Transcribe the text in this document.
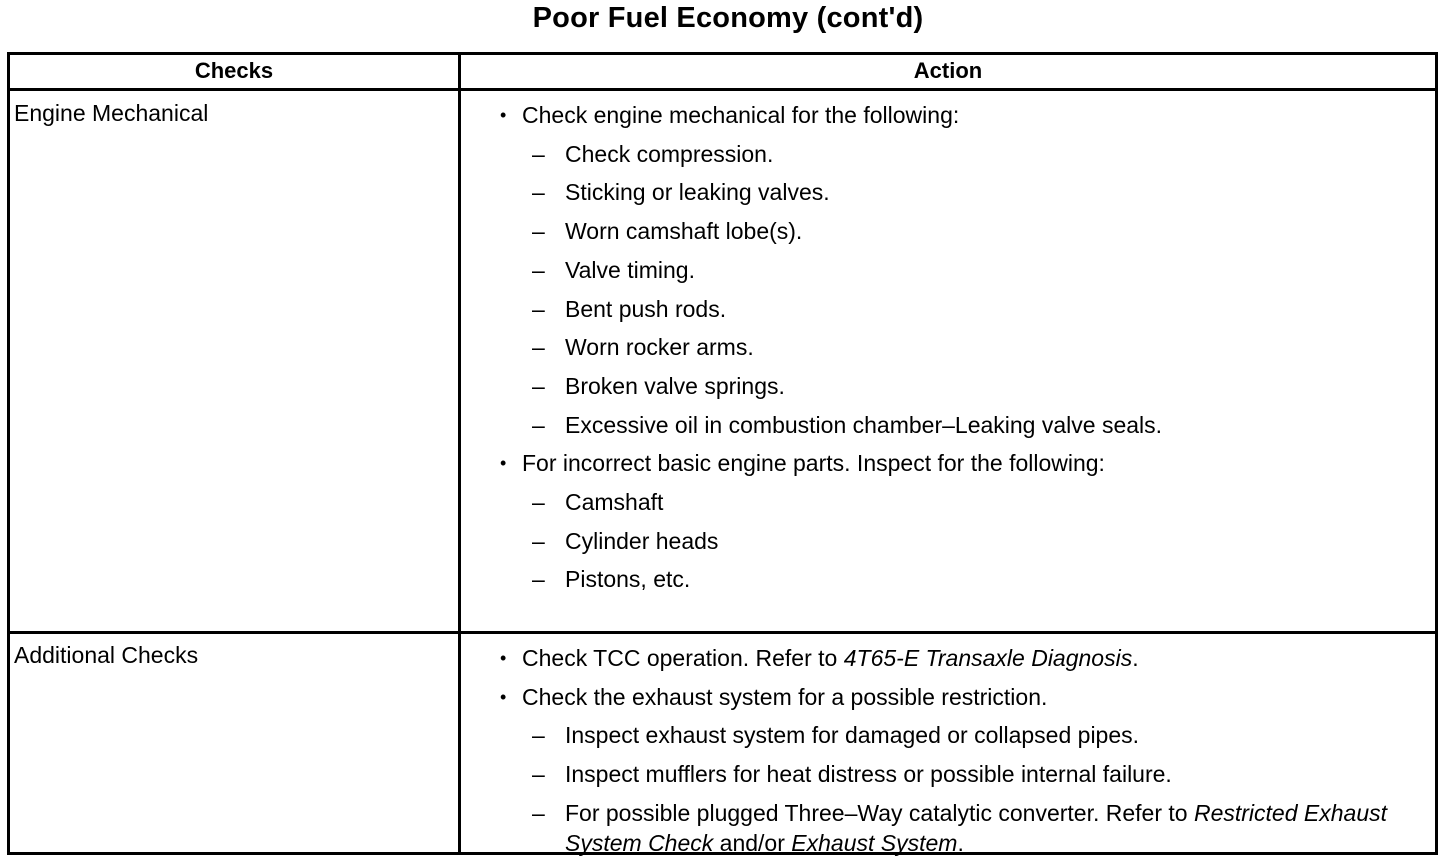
Poor Fuel Economy (cont'd)
Checks	Action
Engine Mechanical	• Check engine mechanical for the following:
– Check compression.
– Sticking or leaking valves.
– Worn camshaft lobe(s).
– Valve timing.
– Bent push rods.
– Worn rocker arms.
– Broken valve springs.
– Excessive oil in combustion chamber–Leaking valve seals.
• For incorrect basic engine parts. Inspect for the following:
– Camshaft
– Cylinder heads
– Pistons, etc.
Additional Checks	• Check TCC operation. Refer to 4T65-E Transaxle Diagnosis.
• Check the exhaust system for a possible restriction.
– Inspect exhaust system for damaged or collapsed pipes.
– Inspect mufflers for heat distress or possible internal failure.
– For possible plugged Three–Way catalytic converter. Refer to Restricted Exhaust System Check and/or Exhaust System.
